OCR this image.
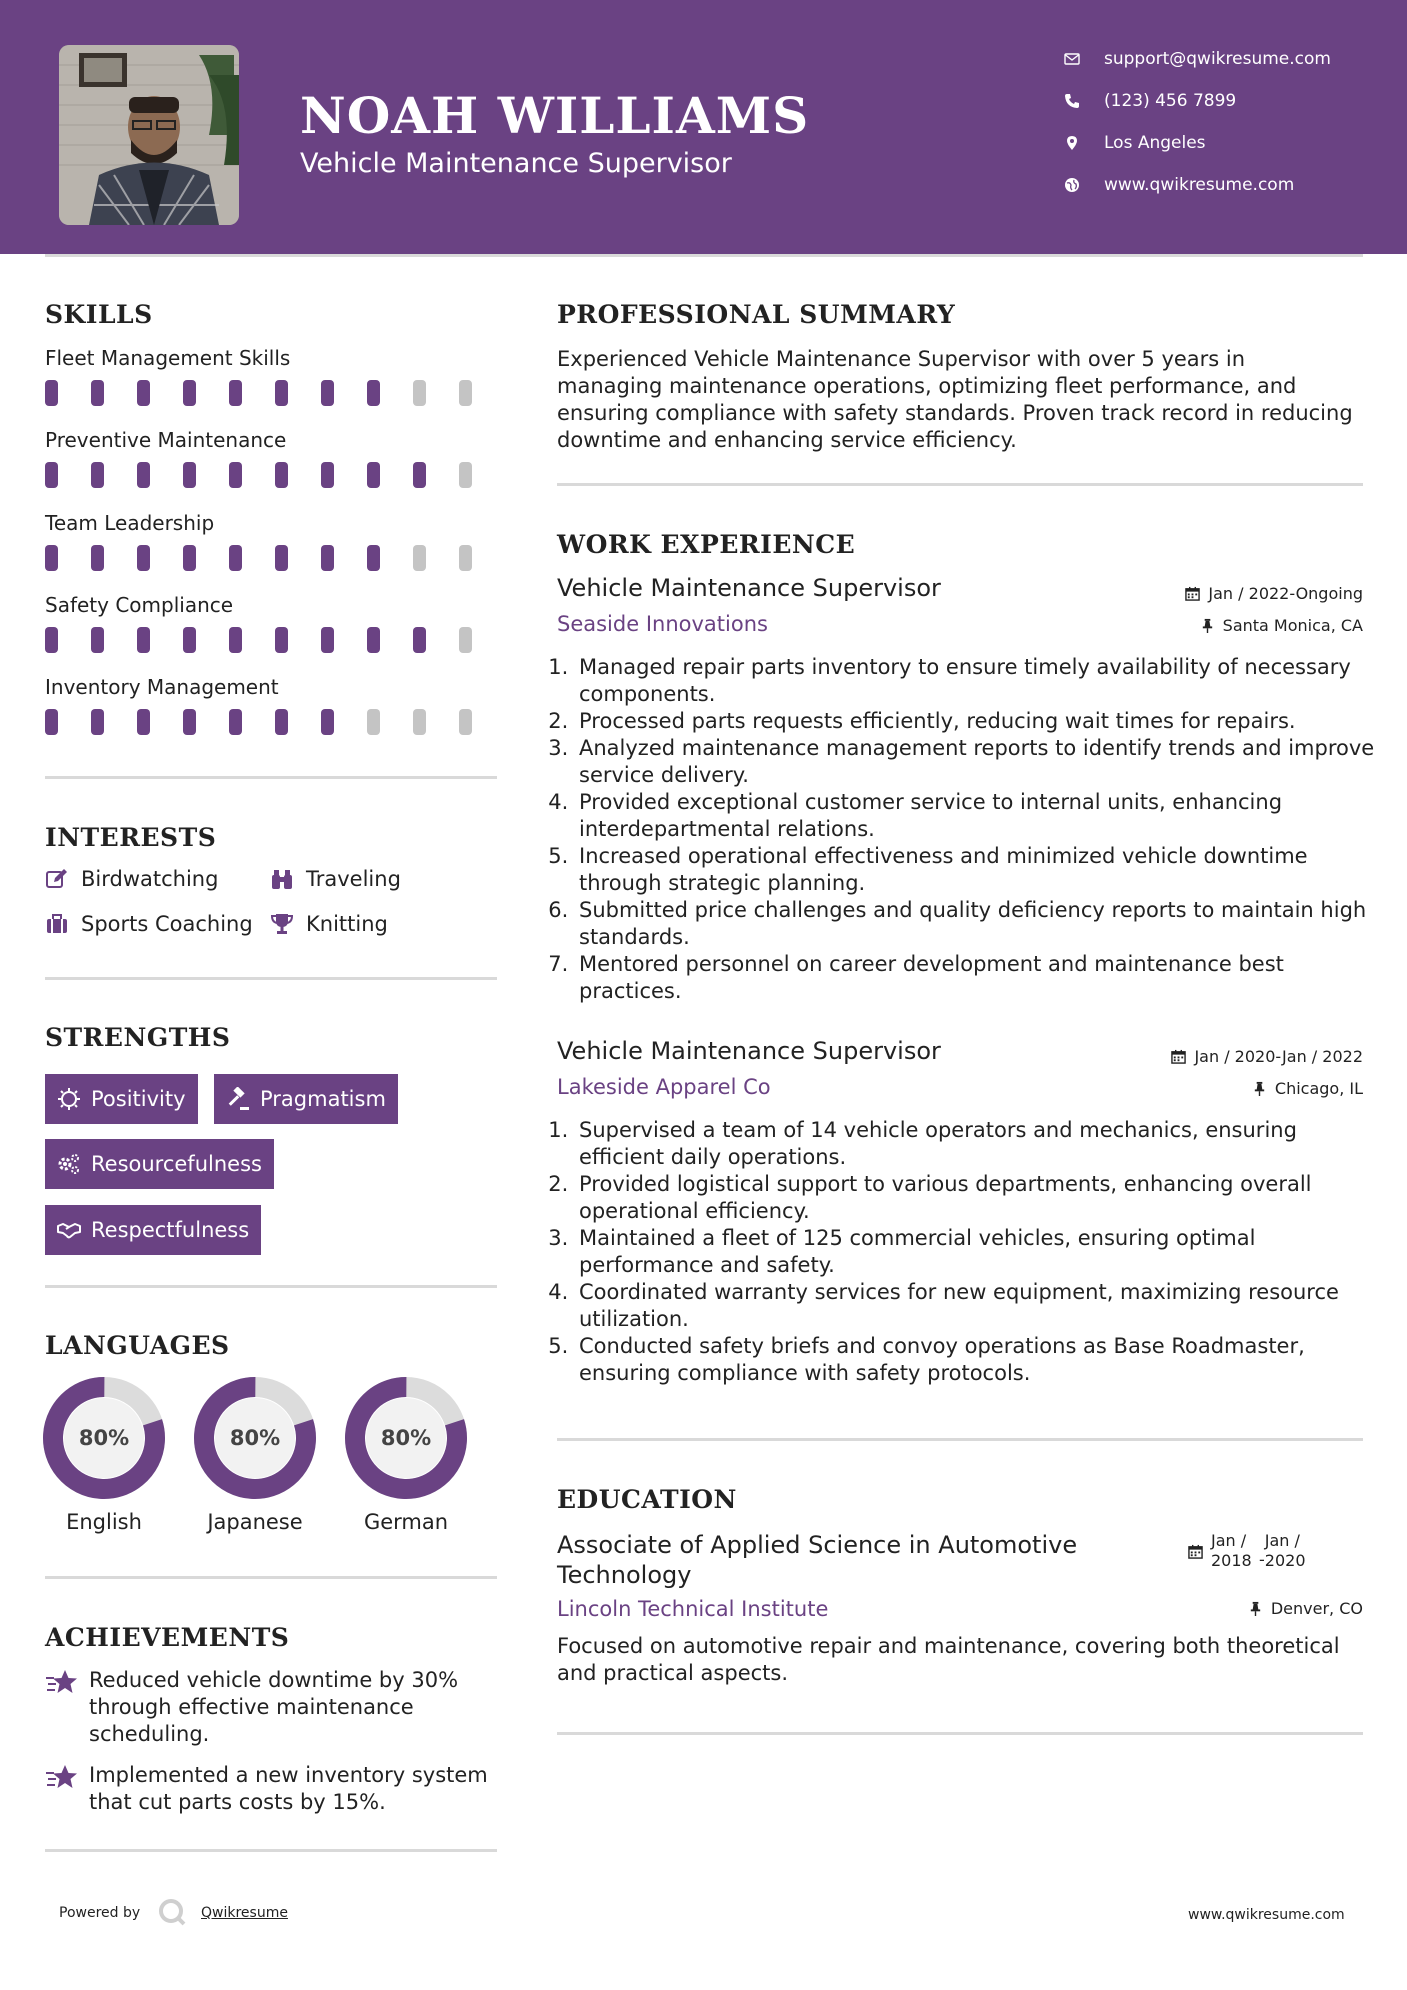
NOAH WILLIAMS
Vehicle Maintenance Supervisor
support@qwikresume.com
(123) 456 7899
Los Angeles
www.qwikresume.com
SKILLS
Fleet Management Skills
Preventive Maintenance
Team Leadership
Safety Compliance
Inventory Management
INTERESTS
Birdwatching	Traveling
Sports Coaching	Knitting
STRENGTHS
Positivity	Pragmatism
Resourcefulness
Respectfulness
LANGUAGES
80%
English
80%
Japanese
80%
German
ACHIEVEMENTS
Reduced vehicle downtime by 30% through effective maintenance scheduling.
Implemented a new inventory system that cut parts costs by 15%.
PROFESSIONAL SUMMARY
Experienced Vehicle Maintenance Supervisor with over 5 years in managing maintenance operations, optimizing fleet performance, and ensuring compliance with safety standards. Proven track record in reducing downtime and enhancing service efficiency.
WORK EXPERIENCE
Vehicle Maintenance Supervisor	Jan / 2022-Ongoing
Seaside Innovations	Santa Monica, CA
1. Managed repair parts inventory to ensure timely availability of necessary components.
2. Processed parts requests efficiently, reducing wait times for repairs.
3. Analyzed maintenance management reports to identify trends and improve service delivery.
4. Provided exceptional customer service to internal units, enhancing interdepartmental relations.
5. Increased operational effectiveness and minimized vehicle downtime through strategic planning.
6. Submitted price challenges and quality deficiency reports to maintain high standards.
7. Mentored personnel on career development and maintenance best practices.
Vehicle Maintenance Supervisor	Jan / 2020-Jan / 2022
Lakeside Apparel Co	Chicago, IL
1. Supervised a team of 14 vehicle operators and mechanics, ensuring efficient daily operations.
2. Provided logistical support to various departments, enhancing overall operational efficiency.
3. Maintained a fleet of 125 commercial vehicles, ensuring optimal performance and safety.
4. Coordinated warranty services for new equipment, maximizing resource utilization.
5. Conducted safety briefs and convoy operations as Base Roadmaster, ensuring compliance with safety protocols.
EDUCATION
Associate of Applied Science in Automotive Technology
Jan /
2018 -
Jan /
2020
Lincoln Technical Institute	Denver, CO
Focused on automotive repair and maintenance, covering both theoretical and practical aspects.
Powered by	Qwikresume	www.qwikresume.com
